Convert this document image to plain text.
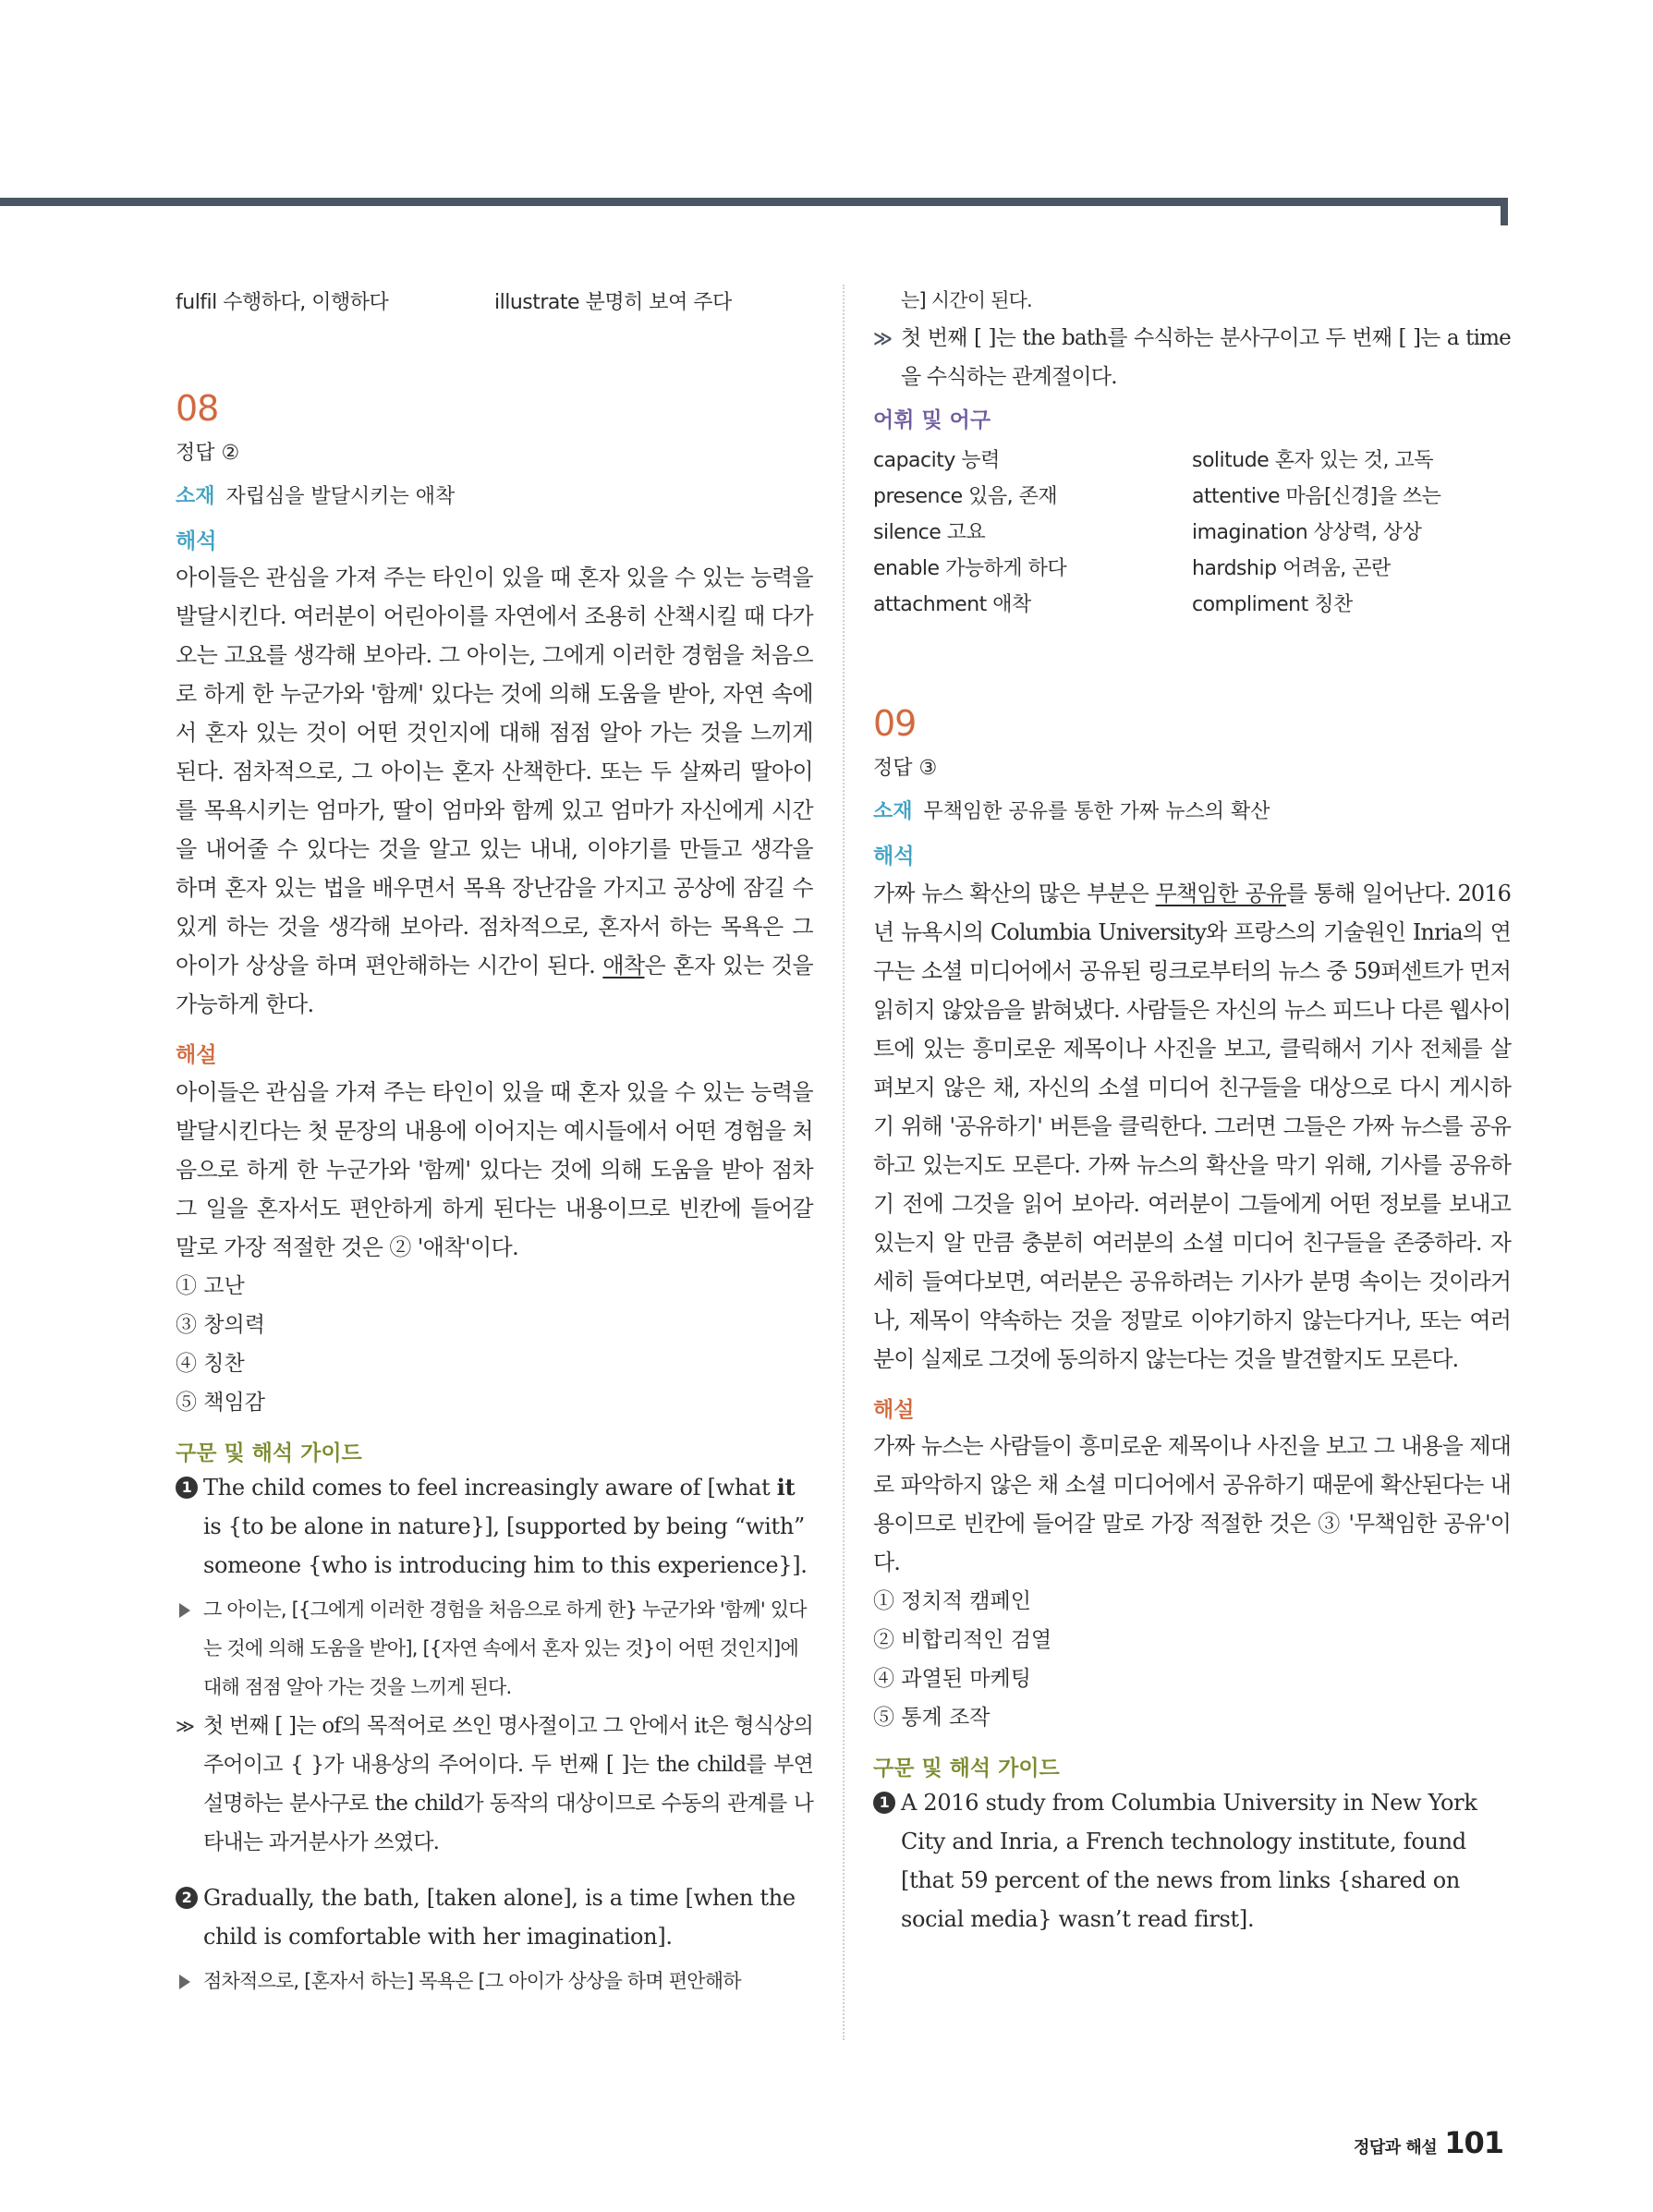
fulfil 수행하다, 이행하다	illustrate 분명히 보여 주다
08
정답 ②
소재 자립심을 발달시키는 애착
해석

아이들은 관심을 가져 주는 타인이 있을 때 혼자 있을 수 있는 능력을 발달시킨다. 여러분이 어린아이를 자연에서 조용히 산책시킬 때 다가오는 고요를 생각해 보아라. 그 아이는, 그에게 이러한 경험을 처음으로 하게 한 누군가와 '함께' 있다는 것에 의해 도움을 받아, 자연 속에서 혼자 있는 것이 어떤 것인지에 대해 점점 알아 가는 것을 느끼게 된다. 점차적으로, 그 아이는 혼자 산책한다. 또는 두 살짜리 딸아이를 목욕시키는 엄마가, 딸이 엄마와 함께 있고 엄마가 자신에게 시간을 내어줄 수 있다는 것을 알고 있는 내내, 이야기를 만들고 생각을 하며 혼자 있는 법을 배우면서 목욕 장난감을 가지고 공상에 잠길 수 있게 하는 것을 생각해 보아라. 점차적으로, 혼자서 하는 목욕은 그 아이가 상상을 하며 편안해하는 시간이 된다. 애착은 혼자 있는 것을 가능하게 한다.

해설

아이들은 관심을 가져 주는 타인이 있을 때 혼자 있을 수 있는 능력을 발달시킨다는 첫 문장의 내용에 이어지는 예시들에서 어떤 경험을 처음으로 하게 한 누군가와 '함께' 있다는 것에 의해 도움을 받아 점차 그 일을 혼자서도 편안하게 하게 된다는 내용이므로 빈칸에 들어갈 말로 가장 적절한 것은 ② '애착'이다.

① 고난
③ 창의력
④ 칭찬
⑤ 책임감
구문 및 해석 가이드
1 The child comes to feel increasingly aware of [what it is {to be alone in nature}], [supported by being “with” someone {who is introducing him to this experience}].
그 아이는, [{그에게 이러한 경험을 처음으로 하게 한} 누군가와 '함께' 있다는 것에 의해 도움을 받아], [{자연 속에서 혼자 있는 것}이 어떤 것인지]에 대해 점점 알아 가는 것을 느끼게 된다.
≫ 첫 번째 [ ]는 of의 목적어로 쓰인 명사절이고 그 안에서 it은 형식상의 주어이고 { }가 내용상의 주어이다. 두 번째 [ ]는 the child를 부연 설명하는 분사구로 the child가 동작의 대상이므로 수동의 관계를 나타내는 과거분사가 쓰였다.
2 Gradually, the bath, [taken alone], is a time [when the child is comfortable with her imagination].
점차적으로, [혼자서 하는] 목욕은 [그 아이가 상상을 하며 편안해하
는] 시간이 된다.
≫ 첫 번째 [ ]는 the bath를 수식하는 분사구이고 두 번째 [ ]는 a time을 수식하는 관계절이다.
어휘 및 어구
capacity 능력	solitude 혼자 있는 것, 고독
presence 있음, 존재	attentive 마음[신경]을 쓰는
silence 고요	imagination 상상력, 상상
enable 가능하게 하다	hardship 어려움, 곤란
attachment 애착	compliment 칭찬
09
정답 ③
소재 무책임한 공유를 통한 가짜 뉴스의 확산
해석

가짜 뉴스 확산의 많은 부분은 무책임한 공유를 통해 일어난다. 2016년 뉴욕시의 Columbia University와 프랑스의 기술원인 Inria의 연구는 소셜 미디어에서 공유된 링크로부터의 뉴스 중 59퍼센트가 먼저 읽히지 않았음을 밝혀냈다. 사람들은 자신의 뉴스 피드나 다른 웹사이트에 있는 흥미로운 제목이나 사진을 보고, 클릭해서 기사 전체를 살펴보지 않은 채, 자신의 소셜 미디어 친구들을 대상으로 다시 게시하기 위해 '공유하기' 버튼을 클릭한다. 그러면 그들은 가짜 뉴스를 공유하고 있는지도 모른다. 가짜 뉴스의 확산을 막기 위해, 기사를 공유하기 전에 그것을 읽어 보아라. 여러분이 그들에게 어떤 정보를 보내고 있는지 알 만큼 충분히 여러분의 소셜 미디어 친구들을 존중하라. 자세히 들여다보면, 여러분은 공유하려는 기사가 분명 속이는 것이라거나, 제목이 약속하는 것을 정말로 이야기하지 않는다거나, 또는 여러분이 실제로 그것에 동의하지 않는다는 것을 발견할지도 모른다.

해설

가짜 뉴스는 사람들이 흥미로운 제목이나 사진을 보고 그 내용을 제대로 파악하지 않은 채 소셜 미디어에서 공유하기 때문에 확산된다는 내용이므로 빈칸에 들어갈 말로 가장 적절한 것은 ③ '무책임한 공유'이다.

① 정치적 캠페인
② 비합리적인 검열
④ 과열된 마케팅
⑤ 통계 조작
구문 및 해석 가이드
1 A 2016 study from Columbia University in New York City and Inria, a French technology institute, found [that 59 percent of the news from links {shared on social media} wasn’t read first].
정답과 해설 101
